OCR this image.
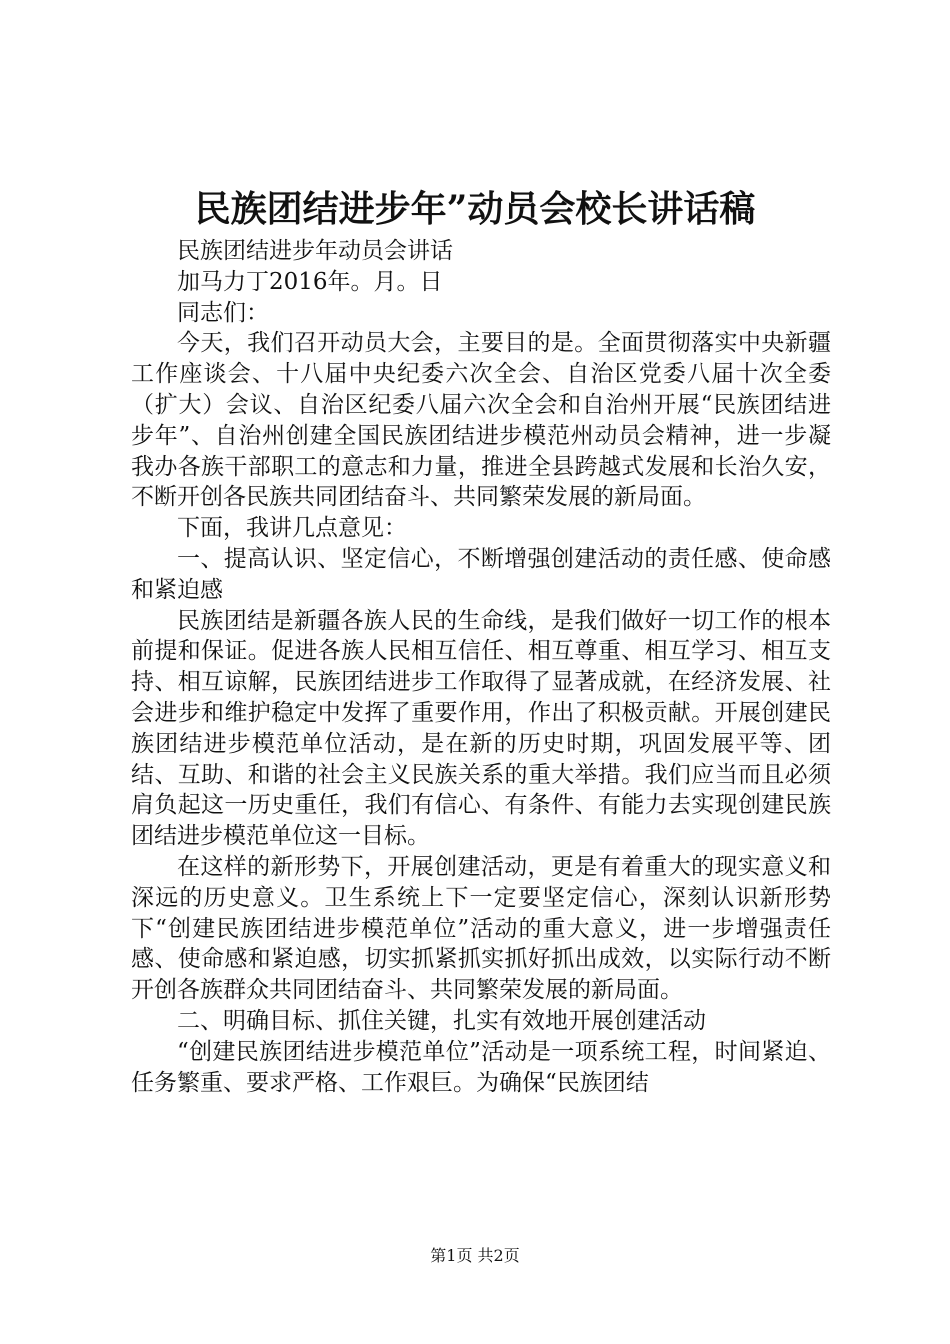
民族团结进步年”动员会校长讲话稿

民族团结进步年动员会讲话

加马力丁2016年。月。日

同志们：

今天，我们召开动员大会，主要目的是。全面贯彻落实中央新疆工作座谈会、十八届中央纪委六次全会、自治区党委八届十次全委（扩大）会议、自治区纪委八届六次全会和自治州开展“民族团结进步年”、自治州创建全国民族团结进步模范州动员会精神，进一步凝我办各族干部职工的意志和力量，推进全县跨越式发展和长治久安，不断开创各民族共同团结奋斗、共同繁荣发展的新局面。

下面，我讲几点意见：

一、提高认识、坚定信心，不断增强创建活动的责任感、使命感和紧迫感

民族团结是新疆各族人民的生命线，是我们做好一切工作的根本前提和保证。促进各族人民相互信任、相互尊重、相互学习、相互支持、相互谅解，民族团结进步工作取得了显著成就，在经济发展、社会进步和维护稳定中发挥了重要作用，作出了积极贡献。开展创建民族团结进步模范单位活动，是在新的历史时期，巩固发展平等、团结、互助、和谐的社会主义民族关系的重大举措。我们应当而且必须肩负起这一历史重任，我们有信心、有条件、有能力去实现创建民族团结进步模范单位这一目标。

在这样的新形势下，开展创建活动，更是有着重大的现实意义和深远的历史意义。卫生系统上下一定要坚定信心，深刻认识新形势下“创建民族团结进步模范单位”活动的重大意义，进一步增强责任感、使命感和紧迫感，切实抓紧抓实抓好抓出成效，以实际行动不断开创各族群众共同团结奋斗、共同繁荣发展的新局面。

二、明确目标、抓住关键，扎实有效地开展创建活动

“创建民族团结进步模范单位”活动是一项系统工程，时间紧迫、任务繁重、要求严格、工作艰巨。为确保“民族团结

第1页 共2页
